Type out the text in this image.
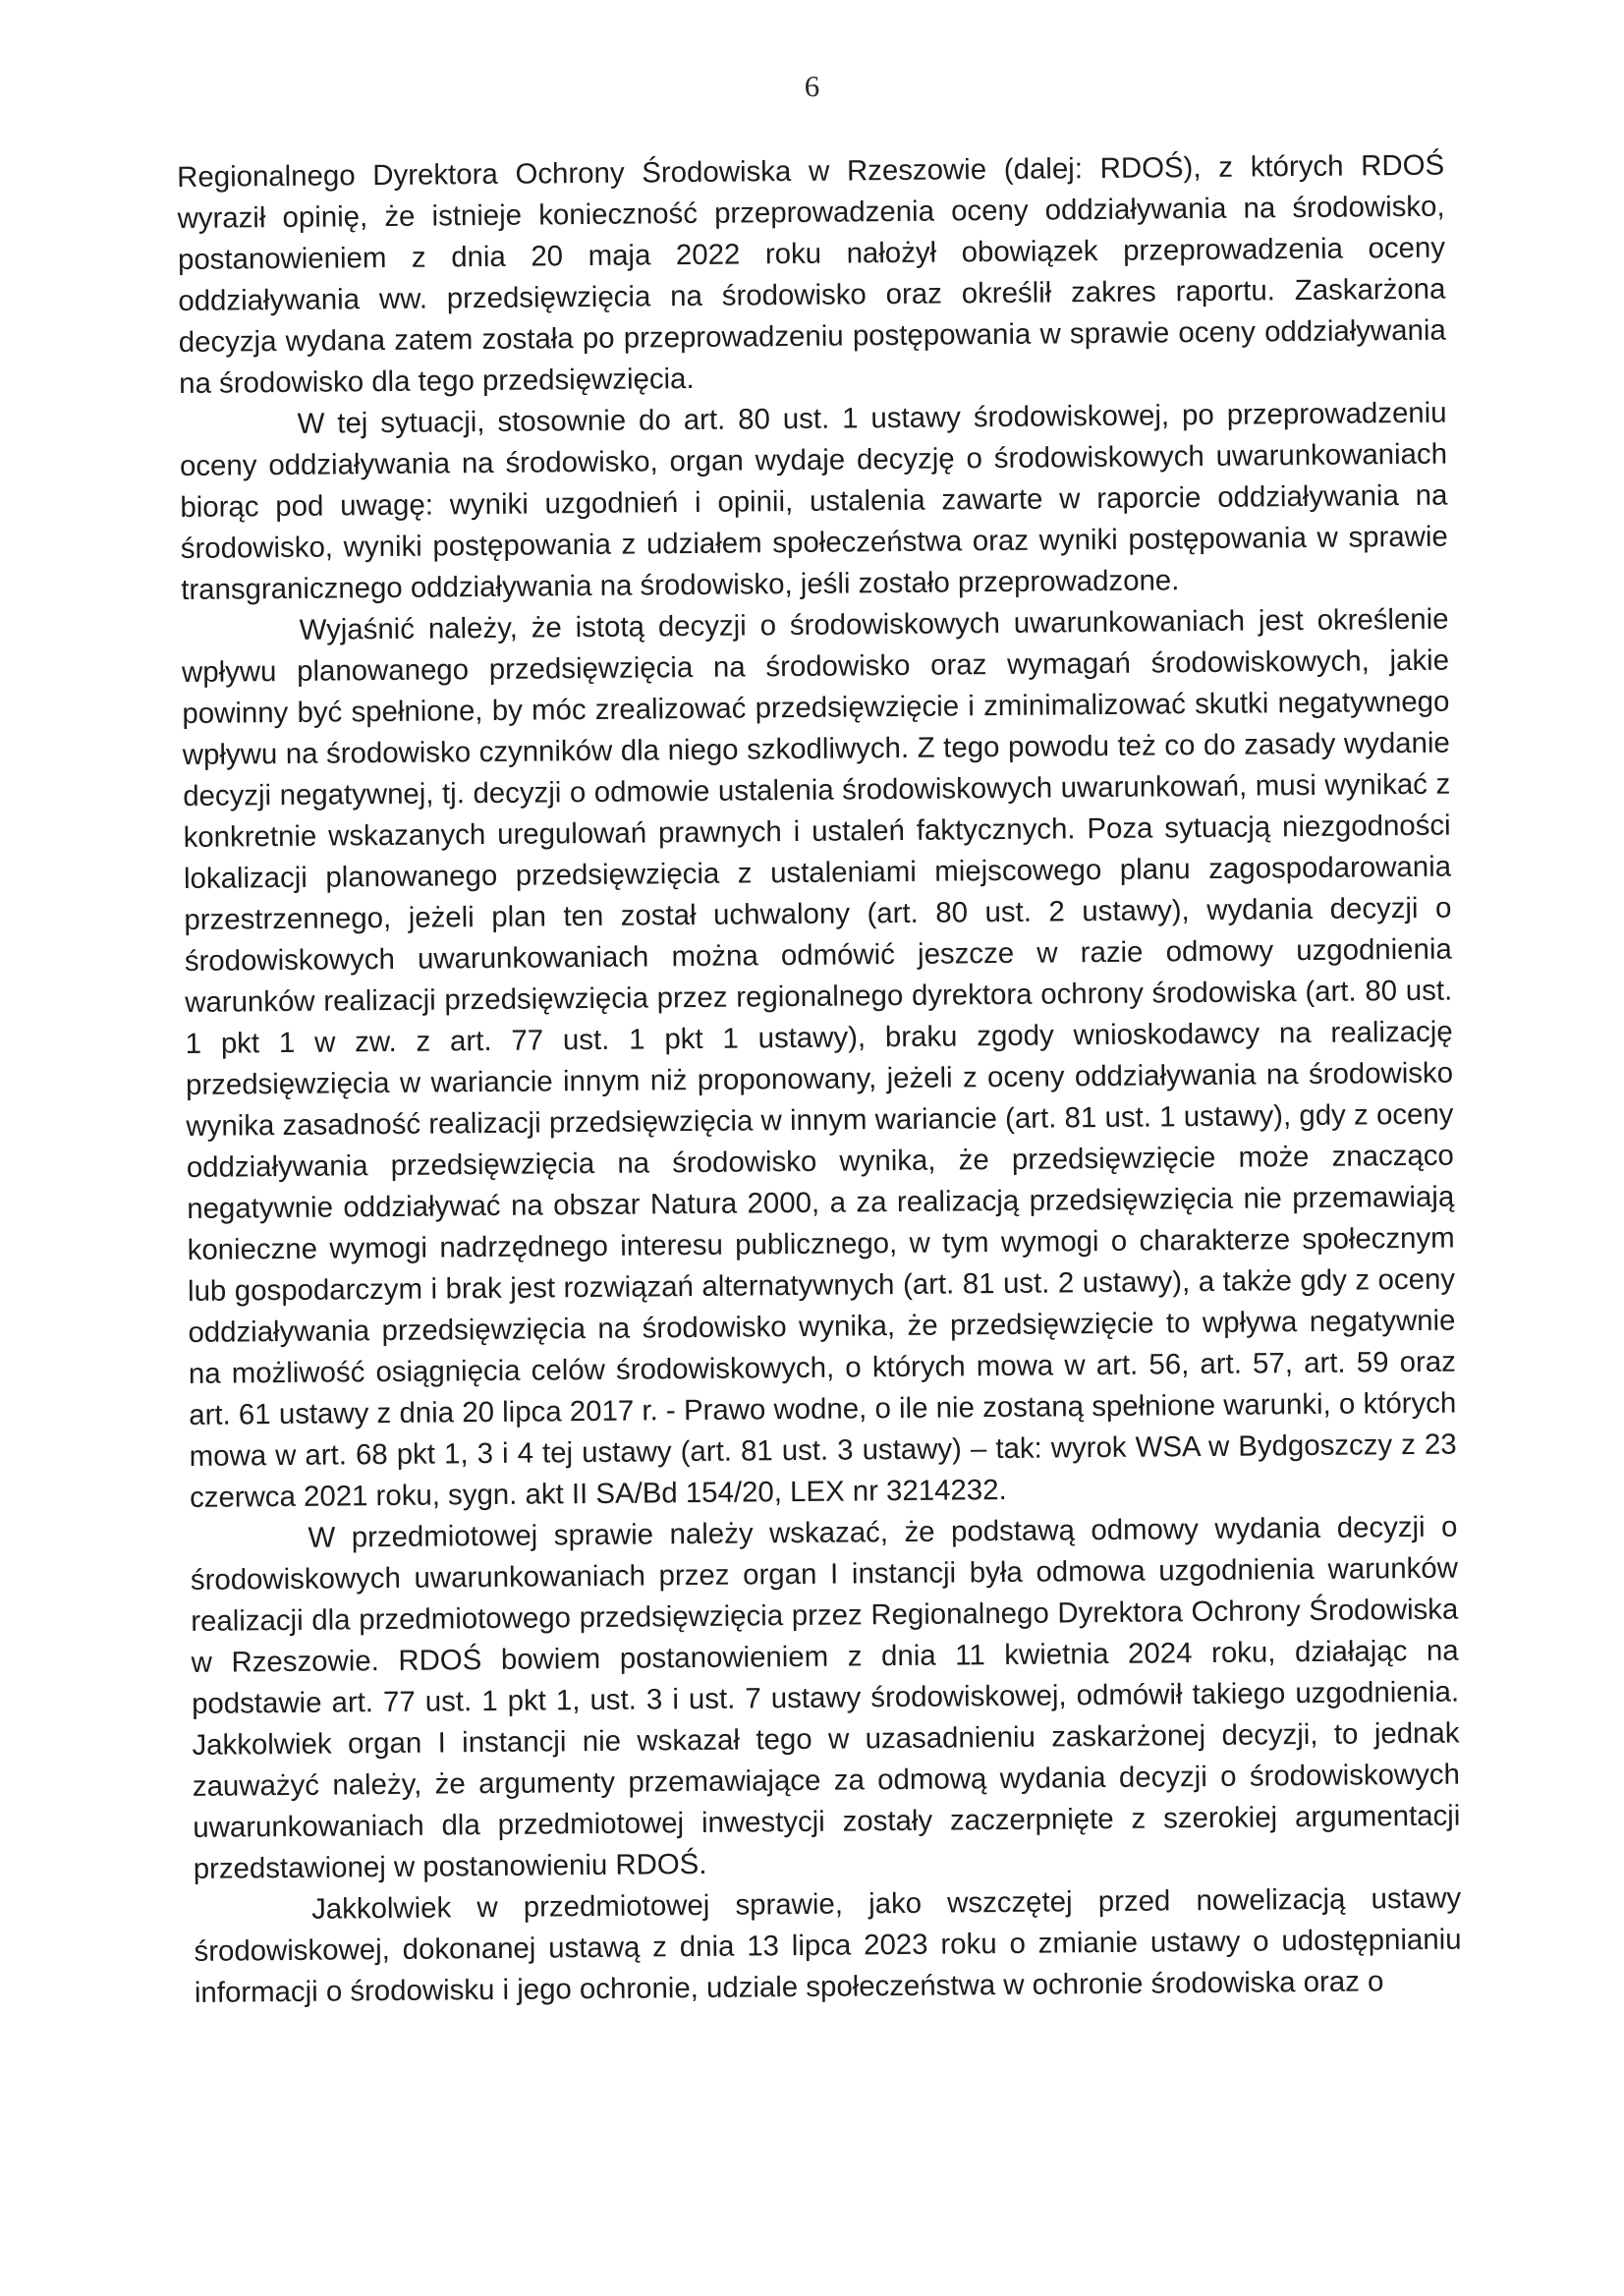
6

Regionalnego Dyrektora Ochrony Środowiska w Rzeszowie (dalej: RDOŚ), z których RDOŚ wyraził opinię, że istnieje konieczność przeprowadzenia oceny oddziaływania na środowisko, postanowieniem z dnia 20 maja 2022 roku nałożył obowiązek przeprowadzenia oceny oddziaływania ww. przedsięwzięcia na środowisko oraz określił zakres raportu. Zaskarżona decyzja wydana zatem została po przeprowadzeniu postępowania w sprawie oceny oddziaływania na środowisko dla tego przedsięwzięcia.

W tej sytuacji, stosownie do art. 80 ust. 1 ustawy środowiskowej, po przeprowadzeniu oceny oddziaływania na środowisko, organ wydaje decyzję o środowiskowych uwarunkowaniach biorąc pod uwagę: wyniki uzgodnień i opinii, ustalenia zawarte w raporcie oddziaływania na środowisko, wyniki postępowania z udziałem społeczeństwa oraz wyniki postępowania w sprawie transgranicznego oddziaływania na środowisko, jeśli zostało przeprowadzone.

Wyjaśnić należy, że istotą decyzji o środowiskowych uwarunkowaniach jest określenie wpływu planowanego przedsięwzięcia na środowisko oraz wymagań środowiskowych, jakie powinny być spełnione, by móc zrealizować przedsięwzięcie i zminimalizować skutki negatywnego wpływu na środowisko czynników dla niego szkodliwych. Z tego powodu też co do zasady wydanie decyzji negatywnej, tj. decyzji o odmowie ustalenia środowiskowych uwarunkowań, musi wynikać z konkretnie wskazanych uregulowań prawnych i ustaleń faktycznych. Poza sytuacją niezgodności lokalizacji planowanego przedsięwzięcia z ustaleniami miejscowego planu zagospodarowania przestrzennego, jeżeli plan ten został uchwalony (art. 80 ust. 2 ustawy), wydania decyzji o środowiskowych uwarunkowaniach można odmówić jeszcze w razie odmowy uzgodnienia warunków realizacji przedsięwzięcia przez regionalnego dyrektora ochrony środowiska (art. 80 ust. 1 pkt 1 w zw. z art. 77 ust. 1 pkt 1 ustawy), braku zgody wnioskodawcy na realizację przedsięwzięcia w wariancie innym niż proponowany, jeżeli z oceny oddziaływania na środowisko wynika zasadność realizacji przedsięwzięcia w innym wariancie (art. 81 ust. 1 ustawy), gdy z oceny oddziaływania przedsięwzięcia na środowisko wynika, że przedsięwzięcie może znacząco negatywnie oddziaływać na obszar Natura 2000, a za realizacją przedsięwzięcia nie przemawiają konieczne wymogi nadrzędnego interesu publicznego, w tym wymogi o charakterze społecznym lub gospodarczym i brak jest rozwiązań alternatywnych (art. 81 ust. 2 ustawy), a także gdy z oceny oddziaływania przedsięwzięcia na środowisko wynika, że przedsięwzięcie to wpływa negatywnie na możliwość osiągnięcia celów środowiskowych, o których mowa w art. 56, art. 57, art. 59 oraz art. 61 ustawy z dnia 20 lipca 2017 r. - Prawo wodne, o ile nie zostaną spełnione warunki, o których mowa w art. 68 pkt 1, 3 i 4 tej ustawy (art. 81 ust. 3 ustawy) – tak: wyrok WSA w Bydgoszczy z 23 czerwca 2021 roku, sygn. akt II SA/Bd 154/20, LEX nr 3214232.

W przedmiotowej sprawie należy wskazać, że podstawą odmowy wydania decyzji o środowiskowych uwarunkowaniach przez organ I instancji była odmowa uzgodnienia warunków realizacji dla przedmiotowego przedsięwzięcia przez Regionalnego Dyrektora Ochrony Środowiska w Rzeszowie. RDOŚ bowiem postanowieniem z dnia 11 kwietnia 2024 roku, działając na podstawie art. 77 ust. 1 pkt 1, ust. 3 i ust. 7 ustawy środowiskowej, odmówił takiego uzgodnienia. Jakkolwiek organ I instancji nie wskazał tego w uzasadnieniu zaskarżonej decyzji, to jednak zauważyć należy, że argumenty przemawiające za odmową wydania decyzji o środowiskowych uwarunkowaniach dla przedmiotowej inwestycji zostały zaczerpnięte z szerokiej argumentacji przedstawionej w postanowieniu RDOŚ.

Jakkolwiek w przedmiotowej sprawie, jako wszczętej przed nowelizacją ustawy środowiskowej, dokonanej ustawą z dnia 13 lipca 2023 roku o zmianie ustawy o udostępnianiu informacji o środowisku i jego ochronie, udziale społeczeństwa w ochronie środowiska oraz o
